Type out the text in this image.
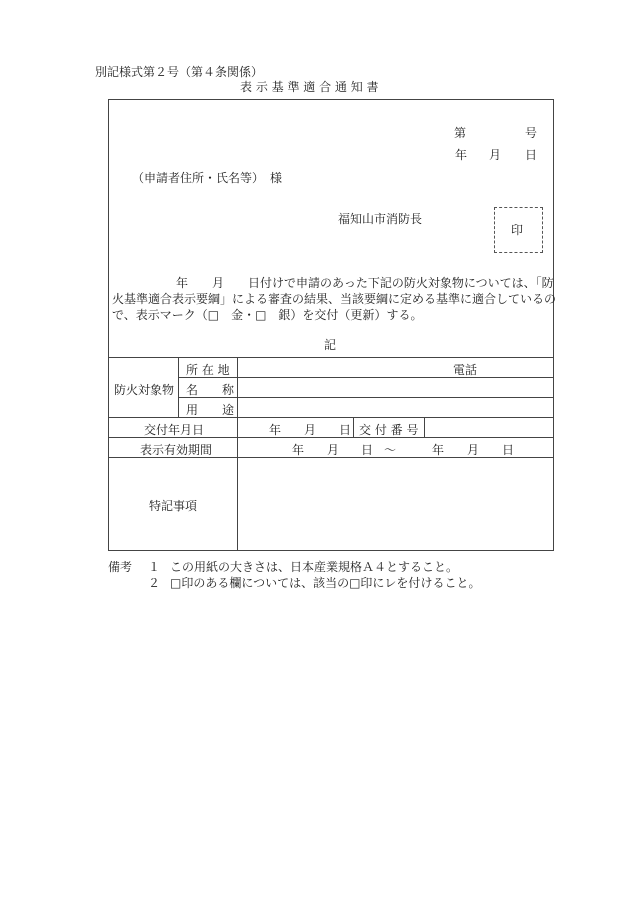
別記様式第２号（第４条関係）
表 示 基 準 適 合 通 知 書
第	号
年 月 日
（申請者住所・氏名等）　様
福知山市消防長
印
年　　月　　日付けで申請のあった下記の防火対象物については、「防
火基準適合表示要綱」による審査の結果、当該要綱に定める基準に適合しているの
で、表示マーク（□　金・□　銀）を交付（更新）する。
記
防火対象物
所 在 地	電話
名　　称
用　　途
交付年月日	年 月 日 交 付 番 号
表示有効期間	年 月 日 ～	年 月 日
特記事項
備考 １ この用紙の大きさは、日本産業規格Ａ４とすること。
２ □印のある欄については、該当の□印にレを付けること。
